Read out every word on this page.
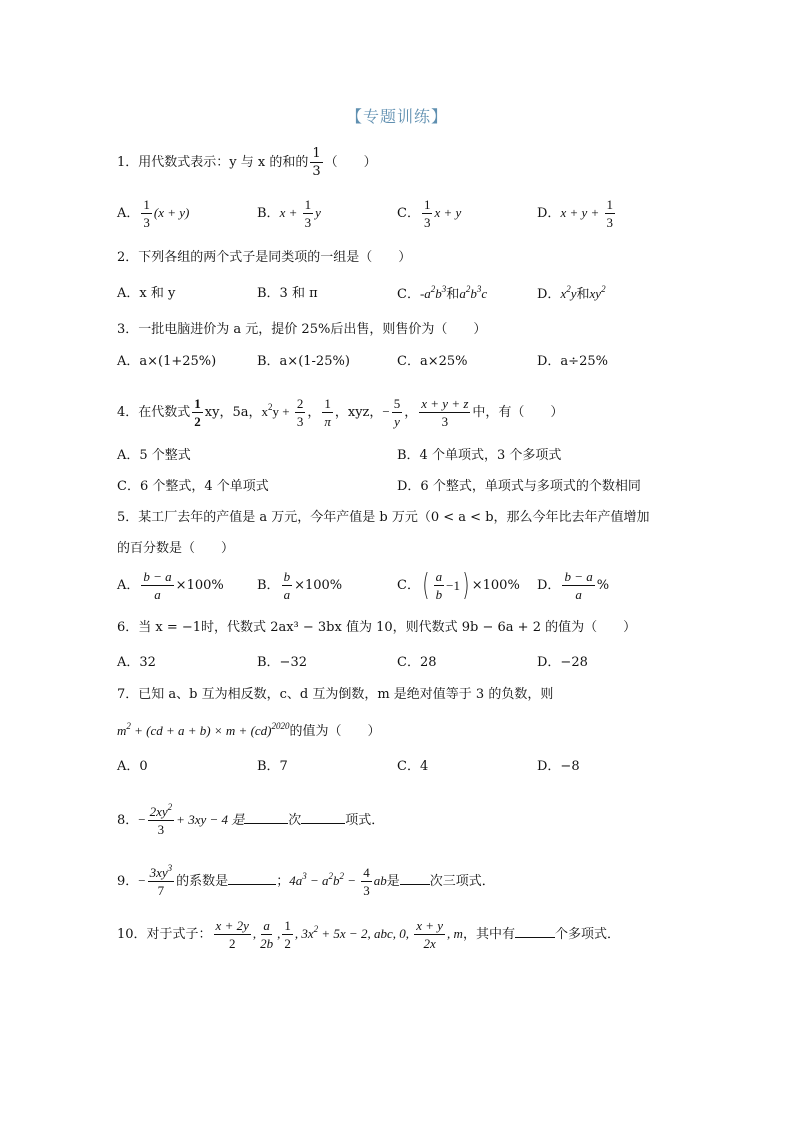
【专题训练】
1．用代数式表示：y 与 x 的和的 $\frac{1}{3}$ （　　）
A． $\frac{1}{3} (x + y)$	B．$x + \frac{1}{3}$ y	C． $\frac{1}{3}$ x + y	D．$x + y + \frac{1}{3}$
2．下列各组的两个式子是同类项的一组是（　　）
A．x 和 y	B．3 和 π	C．$-a^2b^3$和$a^2b^3c$	D．$x^2y$和$xy^2$
3．一批电脑进价为 a 元，提价 25%后出售，则售价为（　　）
A．a×(1+25%)	B．a×(1-25%)	C．a×25%	D．a÷25%
4．在代数式 $\frac{1}{2}$ xy，5a，$x^2y + \frac{2}{3}$ ， $\frac{1}{\pi}$ ，xyz，− $\frac{5}{y}$ ， $\frac{x + y + z}{3}$ 中，有（　　）
A．5 个整式	B．4 个单项式，3 个多项式
C．6 个整式，4 个单项式	D．6 个整式，单项式与多项式的个数相同
5．某工厂去年的产值是 a 万元，今年产值是 b 万元（0 < a < b，那么今年比去年产值增加
的百分数是（　　）
A． $\frac{b - a}{a} \times 100\%$	B． $\frac{b}{a} \times 100\%$	C． ( $\frac{a}{b} -1$ ) ×100% D． $\frac{b - a}{a}$ %
6．当 x = −1时，代数式 2ax³ − 3bx 值为 10，则代数式 9b − 6a + 2 的值为（　　）
A．32	B．−32	C．28	D．−28
7．已知 a、b 互为相反数，c、d 互为倒数，m 是绝对值等于 3 的负数，则
$m^2 + (cd + a + b) \times m + (cd)^{2020}$的值为（　　）
A．0	B．7	C．4	D．−8
8．− $\frac{2xy^2}{3} + 3xy - 4$ 是	次	项式．
9．− $\frac{3xy^3}{7}$ 的系数是	；$4a^3 - a^2b^2 - \frac{4}{3}$ ab是 次三项式．
10．对于式子： $\frac{x + 2y}{2}$ , $\frac{a}{2b}$ , $\frac{1}{2}$ , $3x^2 + 5x - 2$, abc, 0, $\frac{x + y}{2x}$ , m，其中有	个多项式．
